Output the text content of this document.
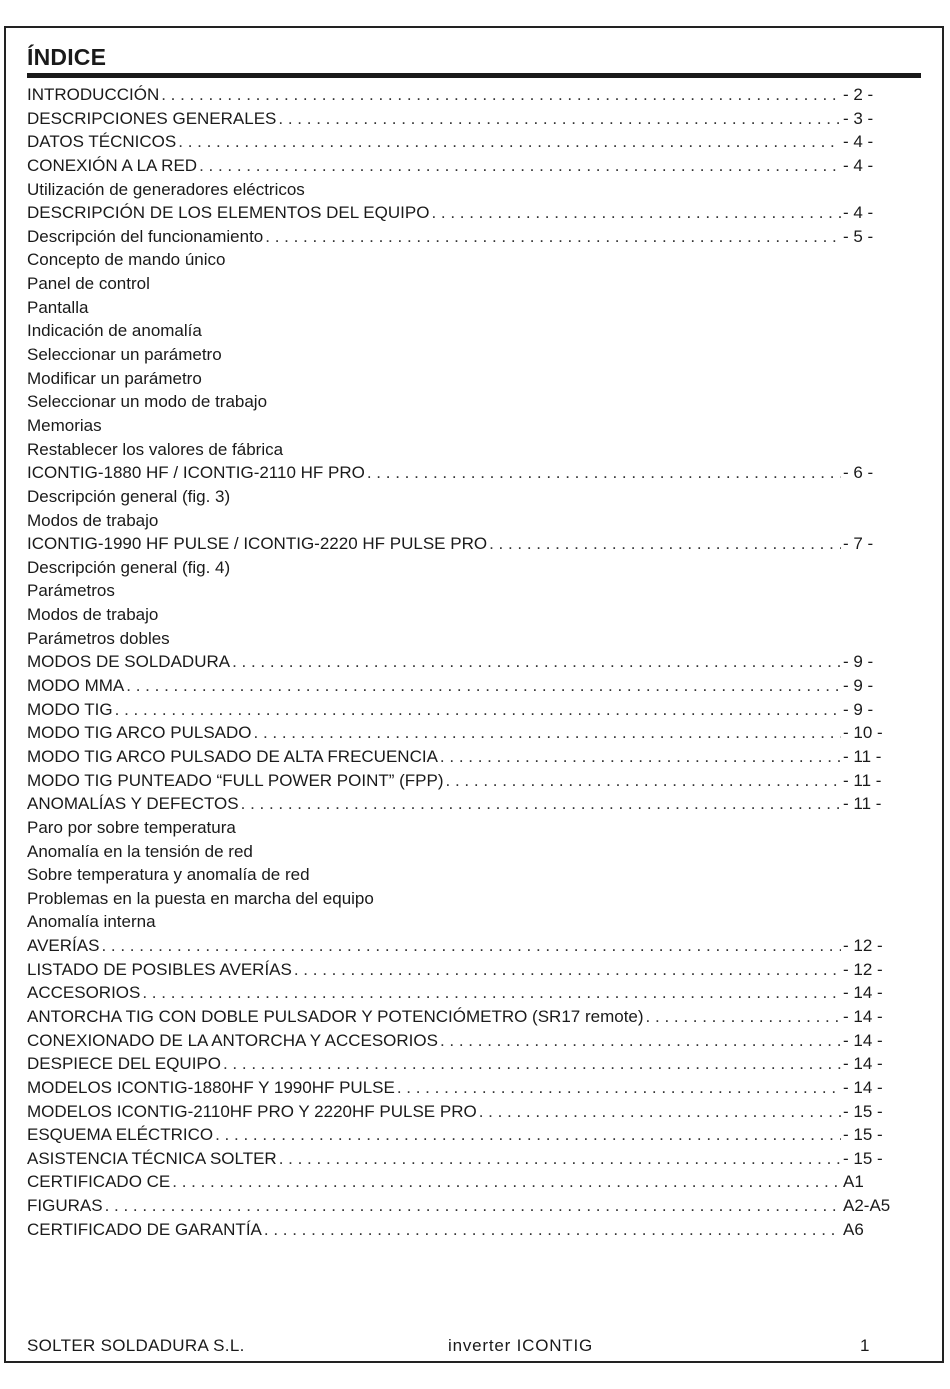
ÍNDICE
INTRODUCCIÓN . . .	- 2 -
DESCRIPCIONES GENERALES . . .	- 3 -
DATOS TÉCNICOS . . .	- 4 -
CONEXIÓN A LA RED . . .	- 4 -
Utilización de generadores eléctricos
DESCRIPCIÓN DE LOS ELEMENTOS DEL EQUIPO . . .	- 4 -
Descripción del funcionamiento . . .	- 5 -
Concepto de mando único
Panel de control
Pantalla
Indicación de anomalía
Seleccionar un parámetro
Modificar un parámetro
Seleccionar un modo de trabajo
Memorias
Restablecer los valores de fábrica
ICONTIG-1880 HF / ICONTIG-2110 HF PRO . . .	- 6 -
Descripción general (fig. 3)
Modos de trabajo
ICONTIG-1990 HF PULSE / ICONTIG-2220 HF PULSE PRO . . .	- 7 -
Descripción general (fig. 4)
Parámetros
Modos de trabajo
Parámetros dobles
MODOS DE SOLDADURA . . .	- 9 -
MODO MMA . . .	- 9 -
MODO TIG . . .	- 9 -
MODO TIG ARCO PULSADO . . .	- 10 -
MODO TIG ARCO PULSADO DE ALTA FRECUENCIA . . .	- 11 -
MODO TIG PUNTEADO “FULL POWER POINT” (FPP) . . .	- 11 -
ANOMALÍAS Y DEFECTOS . . .	- 11 -
Paro por sobre temperatura
Anomalía en la tensión de red
Sobre temperatura y anomalía de red
Problemas en la puesta en marcha del equipo
Anomalía interna
AVERÍAS . . .	- 12 -
LISTADO DE POSIBLES AVERÍAS . . .	- 12 -
ACCESORIOS . . .	- 14 -
ANTORCHA TIG CON DOBLE PULSADOR Y POTENCIÓMETRO (SR17 remote) . . .	- 14 -
CONEXIONADO DE LA ANTORCHA Y ACCESORIOS . . .	- 14 -
DESPIECE DEL EQUIPO . . .	- 14 -
MODELOS ICONTIG-1880HF Y 1990HF PULSE . . .	- 14 -
MODELOS ICONTIG-2110HF PRO Y 2220HF PULSE PRO . . .	- 15 -
ESQUEMA ELÉCTRICO . . .	- 15 -
ASISTENCIA TÉCNICA SOLTER . . .	- 15 -
CERTIFICADO CE . . .	A1
FIGURAS . . .	A2-A5
CERTIFICADO DE GARANTÍA . . .	A6
SOLTER SOLDADURA S.L.	inverter ICONTIG	1
